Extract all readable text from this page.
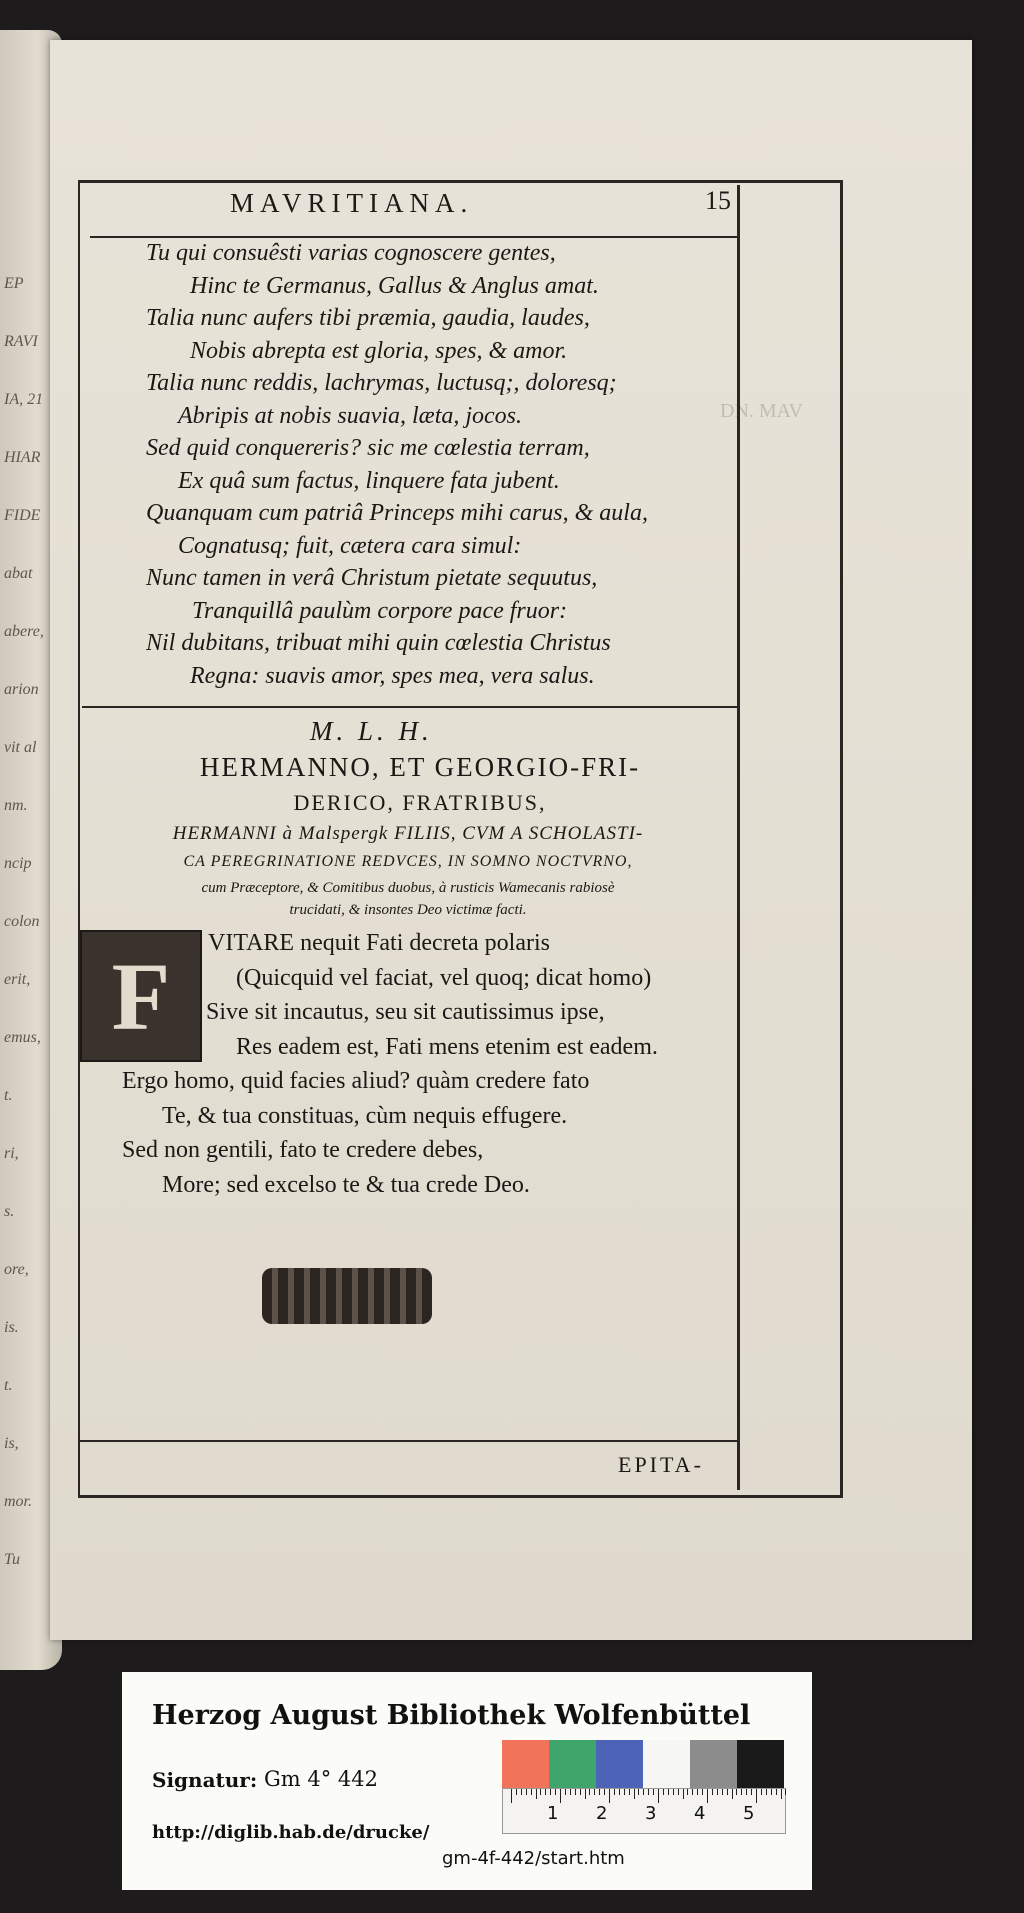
EP
RAVI
IA, 21
HIAR
FIDE
abat
abere,
arion
vit al
nm.
ncip
colon
erit,
emus,
t.
ri,
s.
ore,
is.
t.
is,
mor.
Tu
DN. MAV
MAVRITIANA.	15
Tu qui consuêsti varias cognoscere gentes,
Hinc te Germanus, Gallus & Anglus amat.
Talia nunc aufers tibi præmia, gaudia, laudes,
Nobis abrepta est gloria, spes, & amor.
Talia nunc reddis, lachrymas, luctusq;, doloresq;
Abripis at nobis suavia, læta, jocos.
Sed quid conquereris? sic me cœlestia terram,
Ex quâ sum factus, linquere fata jubent.
Quanquam cum patriâ Princeps mihi carus, & aula,
Cognatusq; fuit, cætera cara simul:
Nunc tamen in verâ Christum pietate sequutus,
Tranquillâ paulùm corpore pace fruor:
Nil dubitans, tribuat mihi quin cœlestia Christus
Regna: suavis amor, spes mea, vera salus.
M. L. H.
HERMANNO, ET GEORGIO-FRI-
DERICO, FRATRIBUS,
HERMANNI à Malspergk FILIIS, CVM A SCHOLASTI-
CA PEREGRINATIONE REDVCES, IN SOMNO NOCTVRNO,
cum Præceptore, & Comitibus duobus, à rusticis Wamecanis rabiosè
trucidati, & insontes Deo victimæ facti.
F VITARE nequit Fati decreta polaris
(Quicquid vel faciat, vel quoq; dicat homo)
Sive sit incautus, seu sit cautissimus ipse,
Res eadem est, Fati mens etenim est eadem.
Ergo homo, quid facies aliud? quàm credere fato
Te, & tua constituas, cùm nequis effugere.
Sed non gentili, fato te credere debes,
More; sed excelso te & tua crede Deo.
EPITA-
Herzog August Bibliothek Wolfenbüttel
Signatur: Gm 4° 442
http://diglib.hab.de/drucke/
gm-4f-442/start.htm
1 2 3 4 5
